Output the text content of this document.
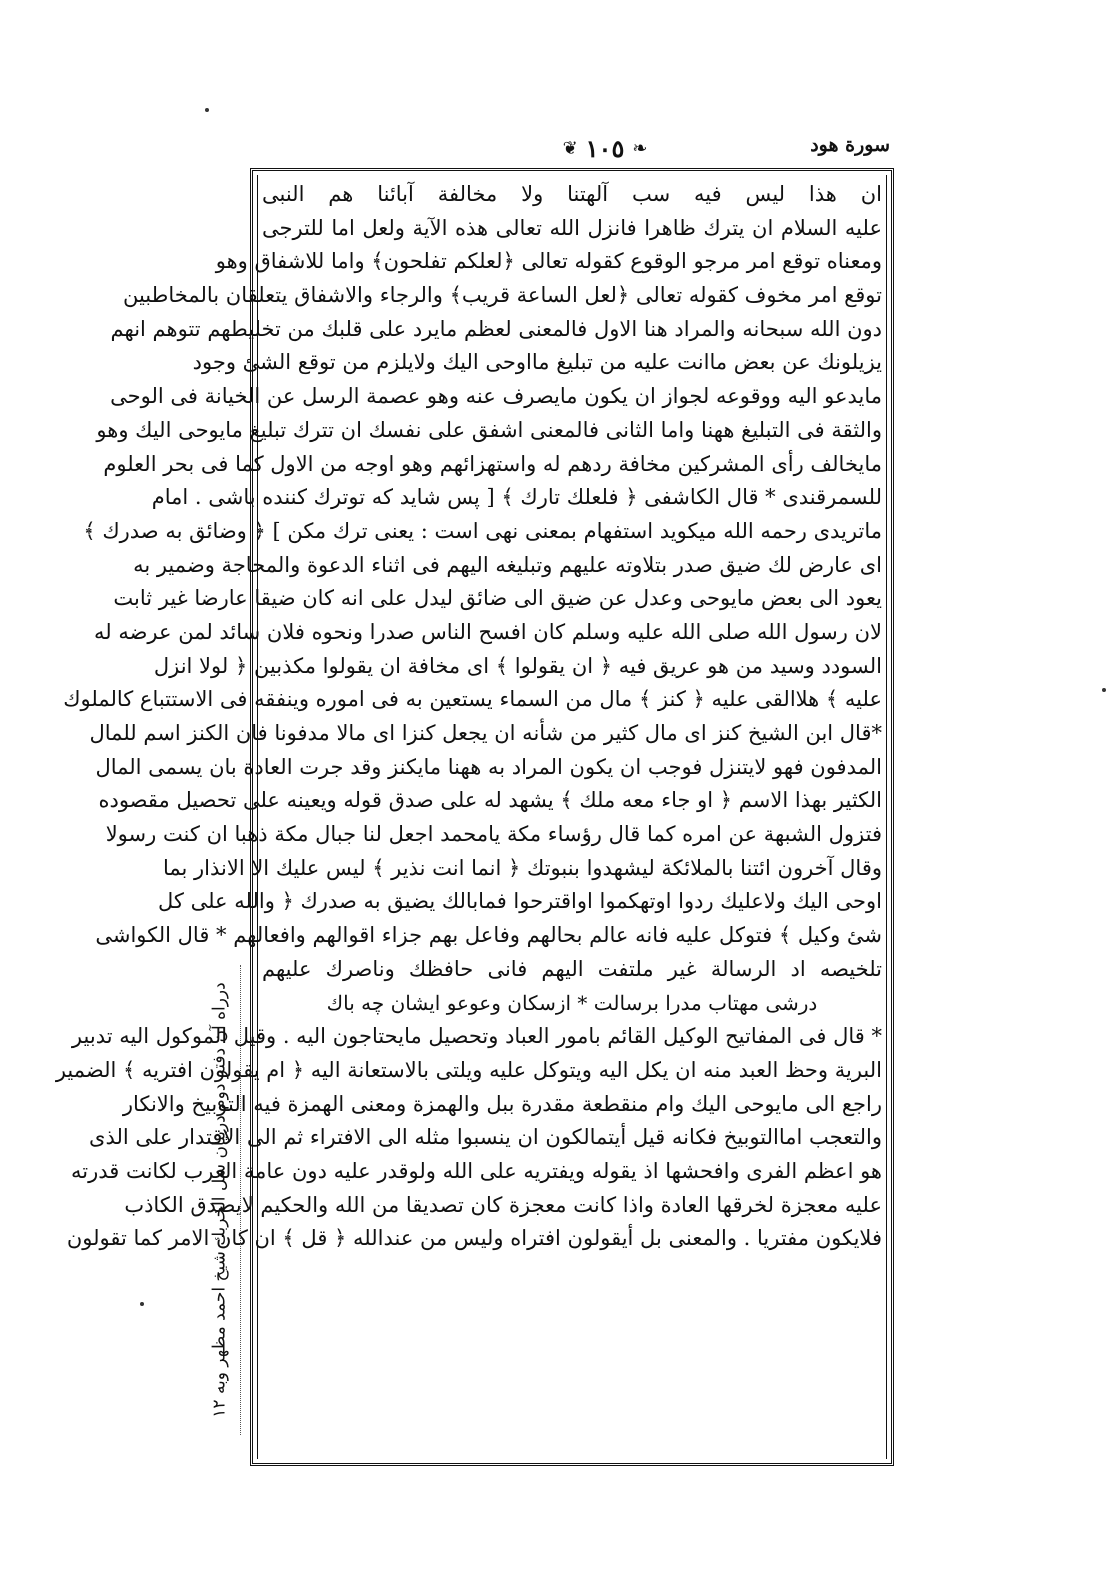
سورة هود
❦ ١٠٥ ❧
ان هذا ليس فيه سب آلهتنا ولا مخالفة آبائنا هم النبى
عليه السلام ان يترك ظاهرا فانزل الله تعالى هذه الآية ولعل اما للترجى
ومعناه توقع امر مرجو الوقوع كقوله تعالى ﴿لعلكم تفلحون﴾ واما للاشفاق وهو
توقع امر مخوف كقوله تعالى ﴿لعل الساعة قريب﴾ والرجاء والاشفاق يتعلقان بالمخاطبين
دون الله سبحانه والمراد هنا الاول فالمعنى لعظم مايرد على قلبك من تخليطهم تتوهم انهم
يزيلونك عن بعض ماانت عليه من تبليغ مااوحى اليك ولايلزم من توقع الشئ وجود
مايدعو اليه ووقوعه لجواز ان يكون مايصرف عنه وهو عصمة الرسل عن الخيانة فى الوحى
والثقة فى التبليغ ههنا واما الثانى فالمعنى اشفق على نفسك ان تترك تبليغ مايوحى اليك وهو
مايخالف رأى المشركين مخافة ردهم له واستهزائهم وهو اوجه من الاول كما فى بحر العلوم
للسمرقندى * قال الكاشفى ﴿ فلعلك تارك ﴾ [ پس شايد كه توترك كننده باشى . امام
ماتريدى رحمه الله ميكويد استفهام بمعنى نهى است : يعنى ترك مكن ] ﴿ وضائق به صدرك ﴾
اى عارض لك ضيق صدر بتلاوته عليهم وتبليغه اليهم فى اثناء الدعوة والمحاجة وضمير به
يعود الى بعض مايوحى وعدل عن ضيق الى ضائق ليدل على انه كان ضيقا عارضا غير ثابت
لان رسول الله صلى الله عليه وسلم كان افسح الناس صدرا ونحوه فلان سائد لمن عرضه له
السودد وسيد من هو عريق فيه ﴿ ان يقولوا ﴾ اى مخافة ان يقولوا مكذبين ﴿ لولا انزل
عليه ﴾ هلاالقى عليه ﴿ كنز ﴾ مال من السماء يستعين به فى اموره وينفقه فى الاستتباع كالملوك
*قال ابن الشيخ كنز اى مال كثير من شأنه ان يجعل كنزا اى مالا مدفونا فان الكنز اسم للمال
المدفون فهو لايتنزل فوجب ان يكون المراد به ههنا مايكنز وقد جرت العادة بان يسمى المال
الكثير بهذا الاسم ﴿ او جاء معه ملك ﴾ يشهد له على صدق قوله ويعينه على تحصيل مقصوده
فتزول الشبهة عن امره كما قال رؤساء مكة يامحمد اجعل لنا جبال مكة ذهبا ان كنت رسولا
وقال آخرون ائتنا بالملائكة ليشهدوا بنبوتك ﴿ انما انت نذير ﴾ ليس عليك الا الانذار بما
اوحى اليك ولاعليك ردوا اوتهكموا اواقترحوا فمابالك يضيق به صدرك ﴿ والله على كل
شئ وكيل ﴾ فتوكل عليه فانه عالم بحالهم وفاعل بهم جزاء اقوالهم وافعالهم * قال الكواشى
تلخيصه اد الرسالة غير ملتفت اليهم فانى حافظك وناصرك عليهم
درشى مهتاب مدرا برسالت * ازسكان وعوعو ايشان چه باك
* قال فى المفاتيح الوكيل القائم بامور العباد وتحصيل مايحتاجون اليه . وقيل الموكول اليه تدبير
البرية وحظ العبد منه ان يكل اليه ويتوكل عليه ويلتى بالاستعانة اليه ﴿ ام يقولون افتريه ﴾ الضمير
راجع الى مايوحى اليك وام منقطعة مقدرة ببل والهمزة ومعنى الهمزة فيه التوبيخ والانكار
والتعجب اماالتوبيخ فكانه قيل أيتمالكون ان ينسبوا مثله الى الافتراء ثم الى الاقتدار على الذى
هو اعظم الفرى وافحشها اذ يقوله ويفتريه على الله ولوقدر عليه دون عامة العرب لكانت قدرته
عليه معجزة لخرقها العادة واذا كانت معجزة كان تصديقا من الله والحكيم لايصدق الكاذب
فلايكون مفتريا . والمعنى بل أيقولون افتراه وليس من عندالله ﴿ قل ﴾ ان كان الامر كما تقولون
درراه آن دفتر دوم درييان سل الخربك شيخ احمد مظهر وبه ۱۲
